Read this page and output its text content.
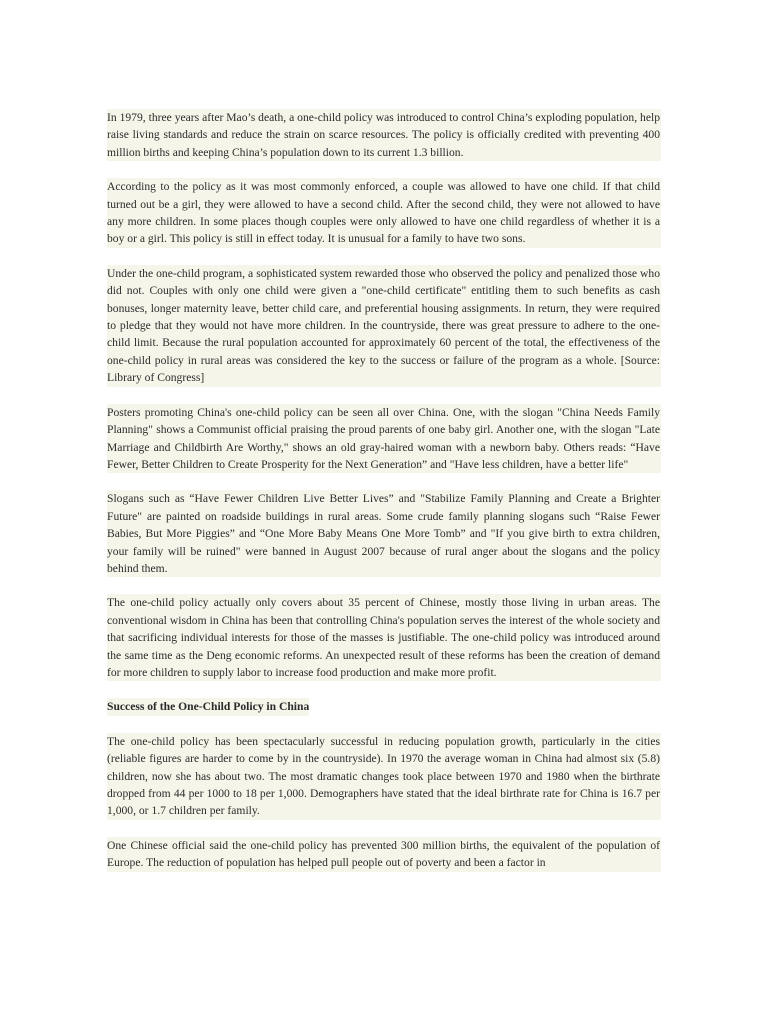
In 1979, three years after Mao’s death, a one-child policy was introduced to control China’s exploding population, help raise living standards and reduce the strain on scarce resources. The policy is officially credited with preventing 400 million births and keeping China’s population down to its current 1.3 billion.

According to the policy as it was most commonly enforced, a couple was allowed to have one child. If that child turned out be a girl, they were allowed to have a second child. After the second child, they were not allowed to have any more children. In some places though couples were only allowed to have one child regardless of whether it is a boy or a girl. This policy is still in effect today. It is unusual for a family to have two sons.

Under the one-child program, a sophisticated system rewarded those who observed the policy and penalized those who did not. Couples with only one child were given a "one-child certificate" entitling them to such benefits as cash bonuses, longer maternity leave, better child care, and preferential housing assignments. In return, they were required to pledge that they would not have more children. In the countryside, there was great pressure to adhere to the one-child limit. Because the rural population accounted for approximately 60 percent of the total, the effectiveness of the one-child policy in rural areas was considered the key to the success or failure of the program as a whole. [Source: Library of Congress]

Posters promoting China's one-child policy can be seen all over China. One, with the slogan "China Needs Family Planning" shows a Communist official praising the proud parents of one baby girl. Another one, with the slogan "Late Marriage and Childbirth Are Worthy," shows an old gray-haired woman with a newborn baby. Others reads: “Have Fewer, Better Children to Create Prosperity for the Next Generation” and "Have less children, have a better life"

Slogans such as “Have Fewer Children Live Better Lives” and "Stabilize Family Planning and Create a Brighter Future" are painted on roadside buildings in rural areas. Some crude family planning slogans such “Raise Fewer Babies, But More Piggies” and “One More Baby Means One More Tomb” and "If you give birth to extra children, your family will be ruined" were banned in August 2007 because of rural anger about the slogans and the policy behind them.

The one-child policy actually only covers about 35 percent of Chinese, mostly those living in urban areas. The conventional wisdom in China has been that controlling China's population serves the interest of the whole society and that sacrificing individual interests for those of the masses is justifiable. The one-child policy was introduced around the same time as the Deng economic reforms. An unexpected result of these reforms has been the creation of demand for more children to supply labor to increase food production and make more profit.

Success of the One-Child Policy in China

The one-child policy has been spectacularly successful in reducing population growth, particularly in the cities (reliable figures are harder to come by in the countryside). In 1970 the average woman in China had almost six (5.8) children, now she has about two. The most dramatic changes took place between 1970 and 1980 when the birthrate dropped from 44 per 1000 to 18 per 1,000. Demographers have stated that the ideal birthrate rate for China is 16.7 per 1,000, or 1.7 children per family.

One Chinese official said the one-child policy has prevented 300 million births, the equivalent of the population of Europe. The reduction of population has helped pull people out of poverty and been a factor in
